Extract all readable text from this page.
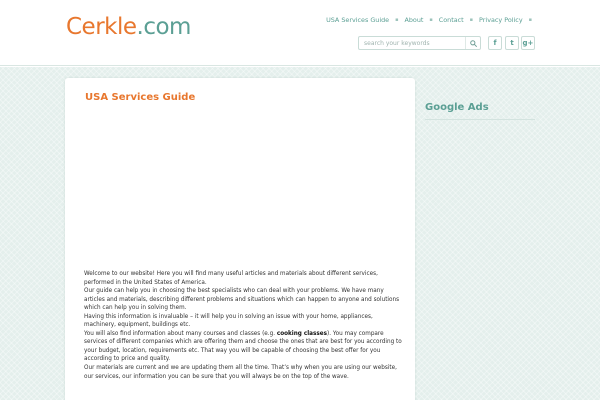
Cerkle.com	USA Services Guide	▪ About	▪ Contact	▪ Privacy Policy	▪
search your keywords
f t g+
USA Services Guide

Welcome to our website! Here you will find many useful articles and materials about different services, performed in the United States of America.

Our guide can help you in choosing the best specialists who can deal with your problems. We have many articles and materials, describing different problems and situations which can happen to anyone and solutions which can help you in solving them.

Having this information is invaluable – it will help you in solving an issue with your home, appliances, machinery, equipment, buildings etc.

You will also find information about many courses and classes (e.g. cooking classes). You may compare services of different companies which are offering them and choose the ones that are best for you according to your budget, location, requirements etc. That way you will be capable of choosing the best offer for you according to price and quality.

Our materials are current and we are updating them all the time. That’s why when you are using our website, our services, our information you can be sure that you will always be on the top of the wave.

Google Ads
